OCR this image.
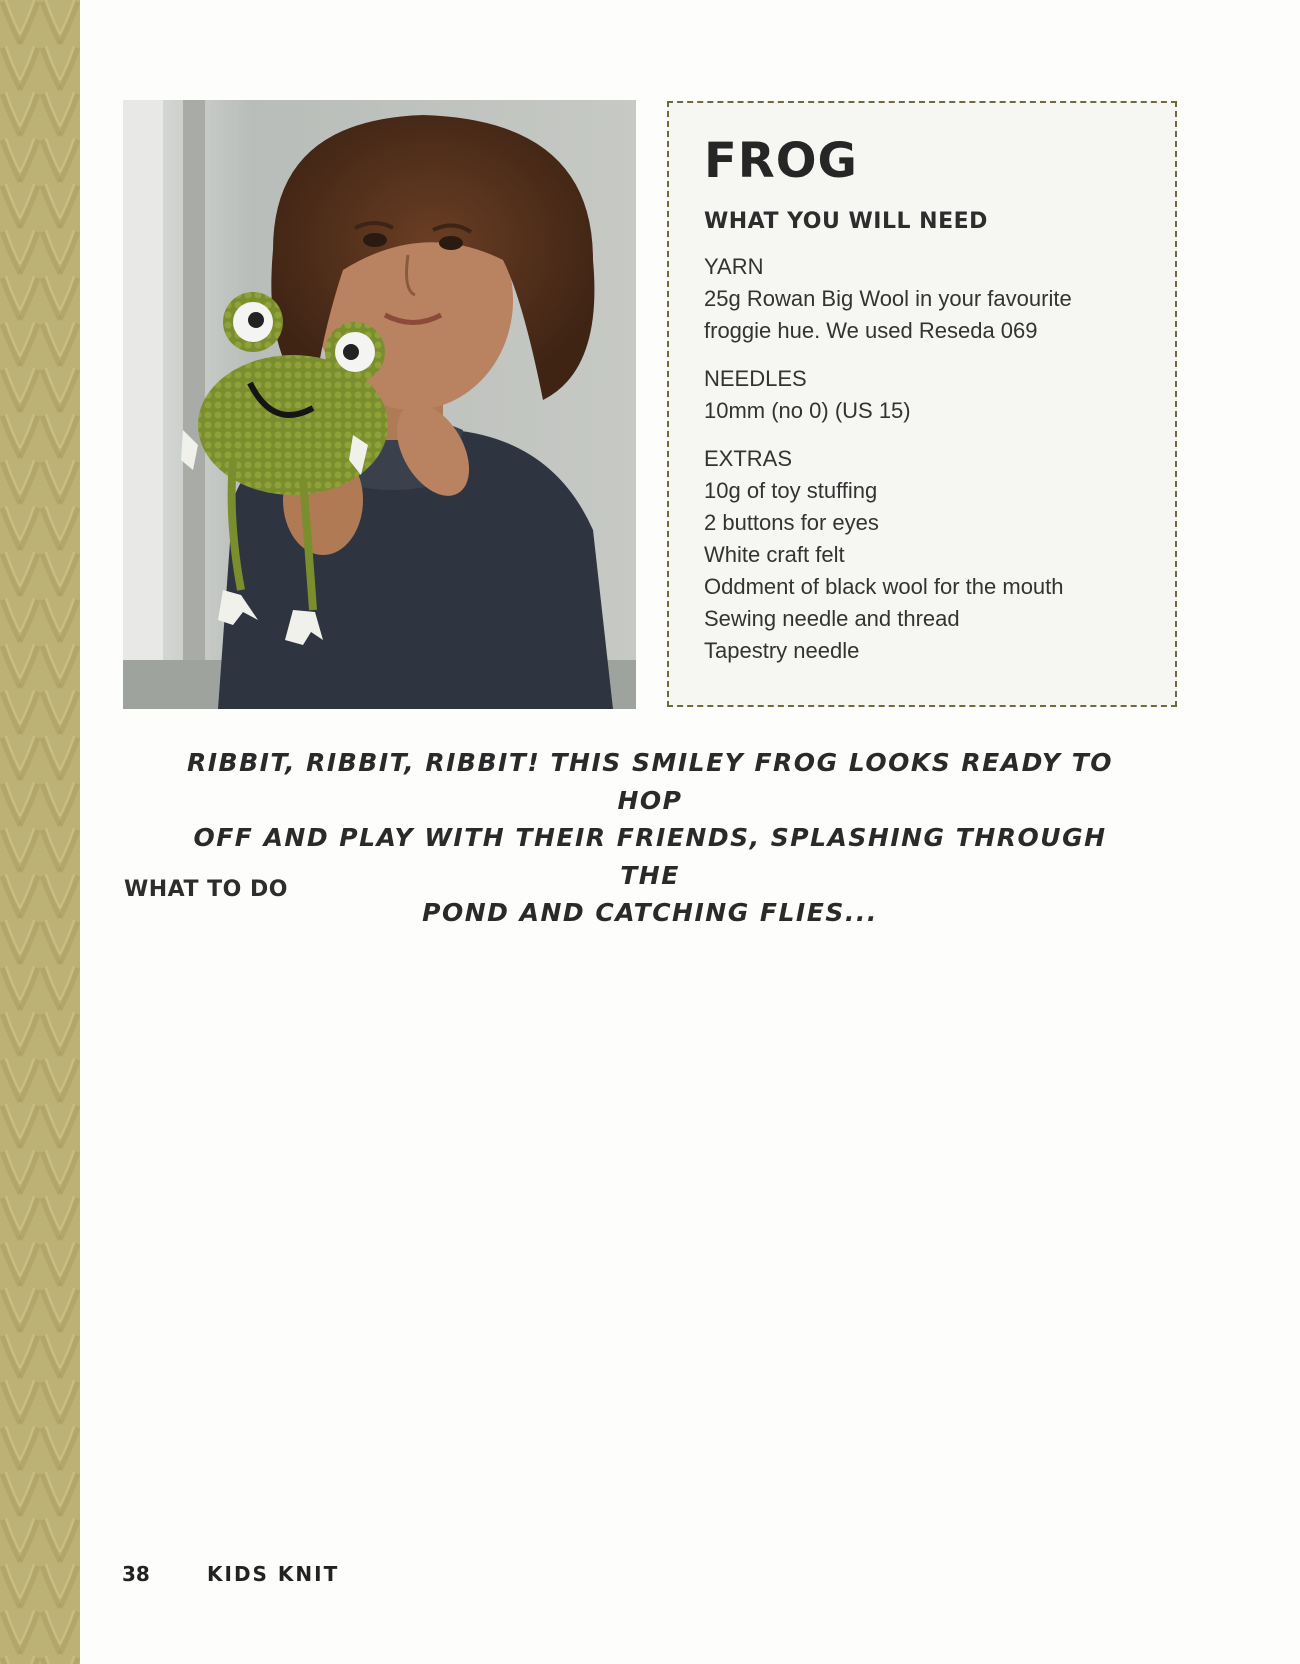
FROG
WHAT YOU WILL NEED
YARN
25g Rowan Big Wool in your favourite
froggie hue. We used Reseda 069
NEEDLES
10mm (no 0) (US 15)
EXTRAS
10g of toy stuffing
2 buttons for eyes
White craft felt
Oddment of black wool for the mouth
Sewing needle and thread
Tapestry needle
RIBBIT, RIBBIT, RIBBIT! THIS SMILEY FROG LOOKS READY TO HOP
OFF AND PLAY WITH THEIR FRIENDS, SPLASHING THROUGH THE
POND AND CATCHING FLIES...
WHAT TO DO
38	KIDS KNIT
